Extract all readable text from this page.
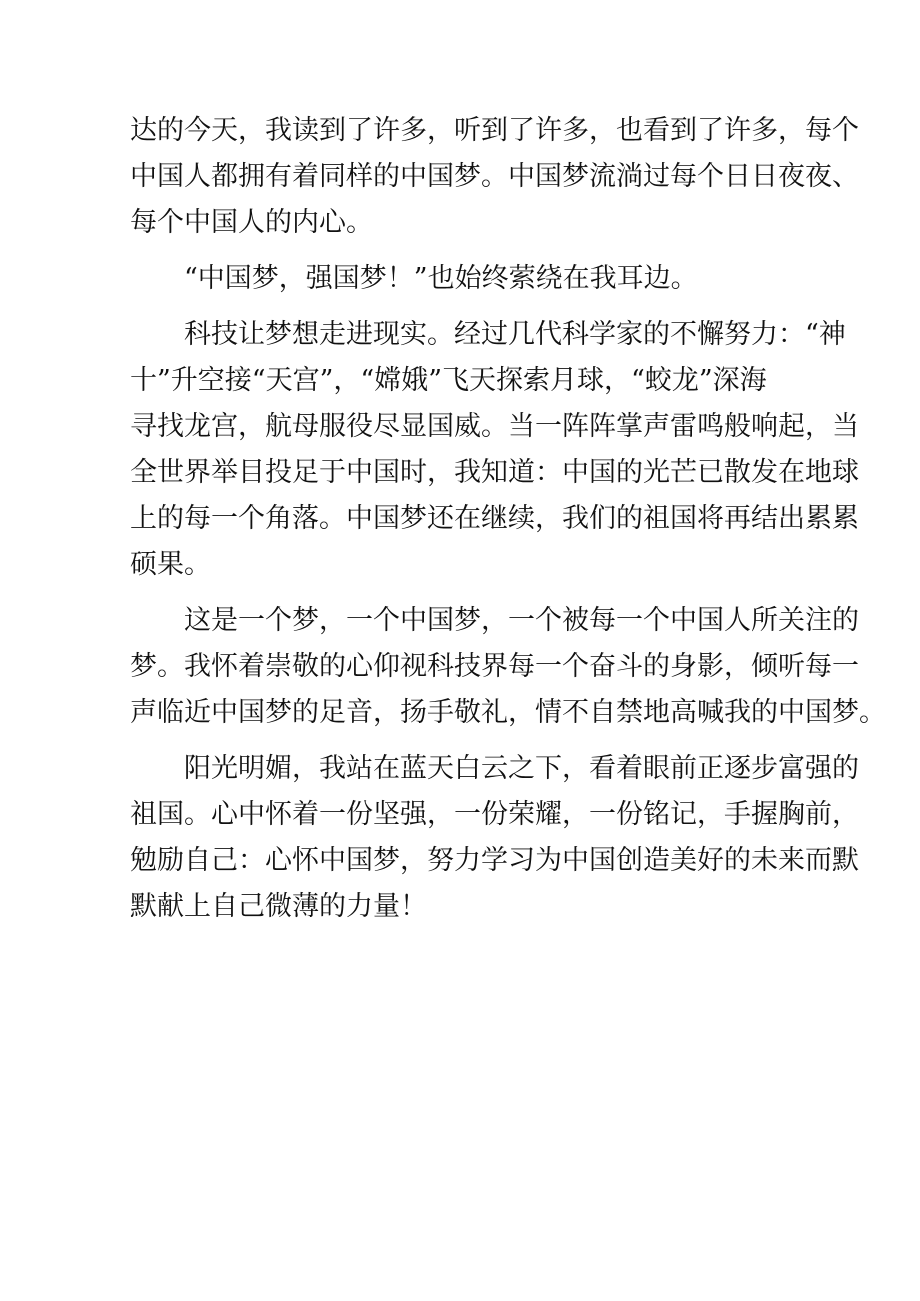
达的今天，我读到了许多，听到了许多，也看到了许多，每个
中国人都拥有着同样的中国梦。中国梦流淌过每个日日夜夜、
每个中国人的内心。
“中国梦，强国梦！”也始终萦绕在我耳边。
科技让梦想走进现实。经过几代科学家的不懈努力：“神
十”升空接“天宫”，“嫦娥”飞天探索月球，“蛟龙”深海
寻找龙宫，航母服役尽显国威。当一阵阵掌声雷鸣般响起，当
全世界举目投足于中国时，我知道：中国的光芒已散发在地球
上的每一个角落。中国梦还在继续，我们的祖国将再结出累累
硕果。
这是一个梦，一个中国梦，一个被每一个中国人所关注的
梦。我怀着崇敬的心仰视科技界每一个奋斗的身影，倾听每一
声临近中国梦的足音，扬手敬礼，情不自禁地高喊我的中国梦。
阳光明媚，我站在蓝天白云之下，看着眼前正逐步富强的
祖国。心中怀着一份坚强，一份荣耀，一份铭记，手握胸前，
勉励自己：心怀中国梦，努力学习为中国创造美好的未来而默
默献上自己微薄的力量！
